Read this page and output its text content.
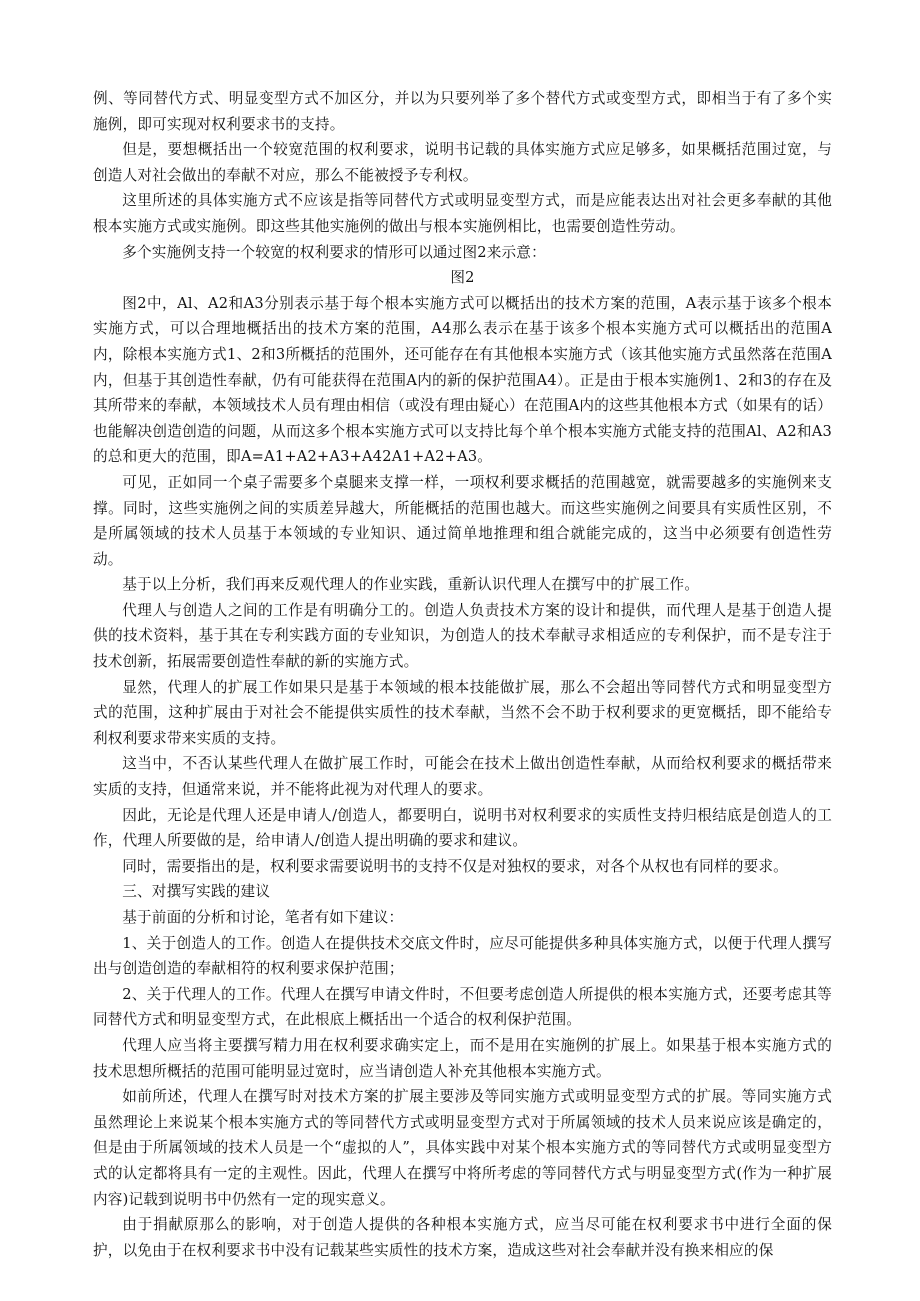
例、等同替代方式、明显变型方式不加区分，并以为只要列举了多个替代方式或变型方式，即相当于有了多个实施例，即可实现对权利要求书的支持。

但是，要想概括出一个较宽范围的权利要求，说明书记载的具体实施方式应足够多，如果概括范围过宽，与创造人对社会做出的奉献不对应，那么不能被授予专利权。

这里所述的具体实施方式不应该是指等同替代方式或明显变型方式，而是应能表达出对社会更多奉献的其他根本实施方式或实施例。即这些其他实施例的做出与根本实施例相比，也需要创造性劳动。

多个实施例支持一个较宽的权利要求的情形可以通过图2来示意：

图2

图2中，Al、A2和A3分别表示基于每个根本实施方式可以概括出的技术方案的范围，A表示基于该多个根本实施方式，可以合理地概括出的技术方案的范围，A4那么表示在基于该多个根本实施方式可以概括出的范围A内，除根本实施方式1、2和3所概括的范围外，还可能存在有其他根本实施方式（该其他实施方式虽然落在范围A内，但基于其创造性奉献，仍有可能获得在范围A内的新的保护范围A4）。正是由于根本实施例1、2和3的存在及其所带来的奉献，本领域技术人员有理由相信（或没有理由疑心）在范围A内的这些其他根本方式（如果有的话）也能解决创造创造的问题，从而这多个根本实施方式可以支持比每个单个根本实施方式能支持的范围Al、A2和A3的总和更大的范围，即A=A1+A2+A3+A42A1+A2+A3。

可见，正如同一个桌子需要多个桌腿来支撑一样，一项权利要求概括的范围越宽，就需要越多的实施例来支撑。同时，这些实施例之间的实质差异越大，所能概括的范围也越大。而这些实施例之间要具有实质性区别，不是所属领域的技术人员基于本领域的专业知识、通过简单地推理和组合就能完成的，这当中必须要有创造性劳动。

基于以上分析，我们再来反观代理人的作业实践，重新认识代理人在撰写中的扩展工作。

代理人与创造人之间的工作是有明确分工的。创造人负责技术方案的设计和提供，而代理人是基于创造人提供的技术资料，基于其在专利实践方面的专业知识，为创造人的技术奉献寻求相适应的专利保护，而不是专注于技术创新，拓展需要创造性奉献的新的实施方式。

显然，代理人的扩展工作如果只是基于本领域的根本技能做扩展，那么不会超出等同替代方式和明显变型方式的范围，这种扩展由于对社会不能提供实质性的技术奉献，当然不会不助于权利要求的更宽概括，即不能给专利权利要求带来实质的支持。

这当中，不否认某些代理人在做扩展工作时，可能会在技术上做出创造性奉献，从而给权利要求的概括带来实质的支持，但通常来说，并不能将此视为对代理人的要求。

因此，无论是代理人还是申请人/创造人，都要明白，说明书对权利要求的实质性支持归根结底是创造人的工作，代理人所要做的是，给申请人/创造人提出明确的要求和建议。

同时，需要指出的是，权利要求需要说明书的支持不仅是对独权的要求，对各个从权也有同样的要求。

三、对撰写实践的建议

基于前面的分析和讨论，笔者有如下建议：

1、关于创造人的工作。创造人在提供技术交底文件时，应尽可能提供多种具体实施方式，以便于代理人撰写出与创造创造的奉献相符的权利要求保护范围；

2、关于代理人的工作。代理人在撰写申请文件时，不但要考虑创造人所提供的根本实施方式，还要考虑其等同替代方式和明显变型方式，在此根底上概括出一个适合的权利保护范围。

代理人应当将主要撰写精力用在权利要求确实定上，而不是用在实施例的扩展上。如果基于根本实施方式的技术思想所概括的范围可能明显过宽时，应当请创造人补充其他根本实施方式。

如前所述，代理人在撰写时对技术方案的扩展主要涉及等同实施方式或明显变型方式的扩展。等同实施方式虽然理论上来说某个根本实施方式的等同替代方式或明显变型方式对于所属领域的技术人员来说应该是确定的，但是由于所属领域的技术人员是一个“虚拟的人”，具体实践中对某个根本实施方式的等同替代方式或明显变型方式的认定都将具有一定的主观性。因此，代理人在撰写中将所考虑的等同替代方式与明显变型方式(作为一种扩展内容)记载到说明书中仍然有一定的现实意义。

由于捐献原那么的影响，对于创造人提供的各种根本实施方式，应当尽可能在权利要求书中进行全面的保护，以免由于在权利要求书中没有记载某些实质性的技术方案，造成这些对社会奉献并没有换来相应的保
